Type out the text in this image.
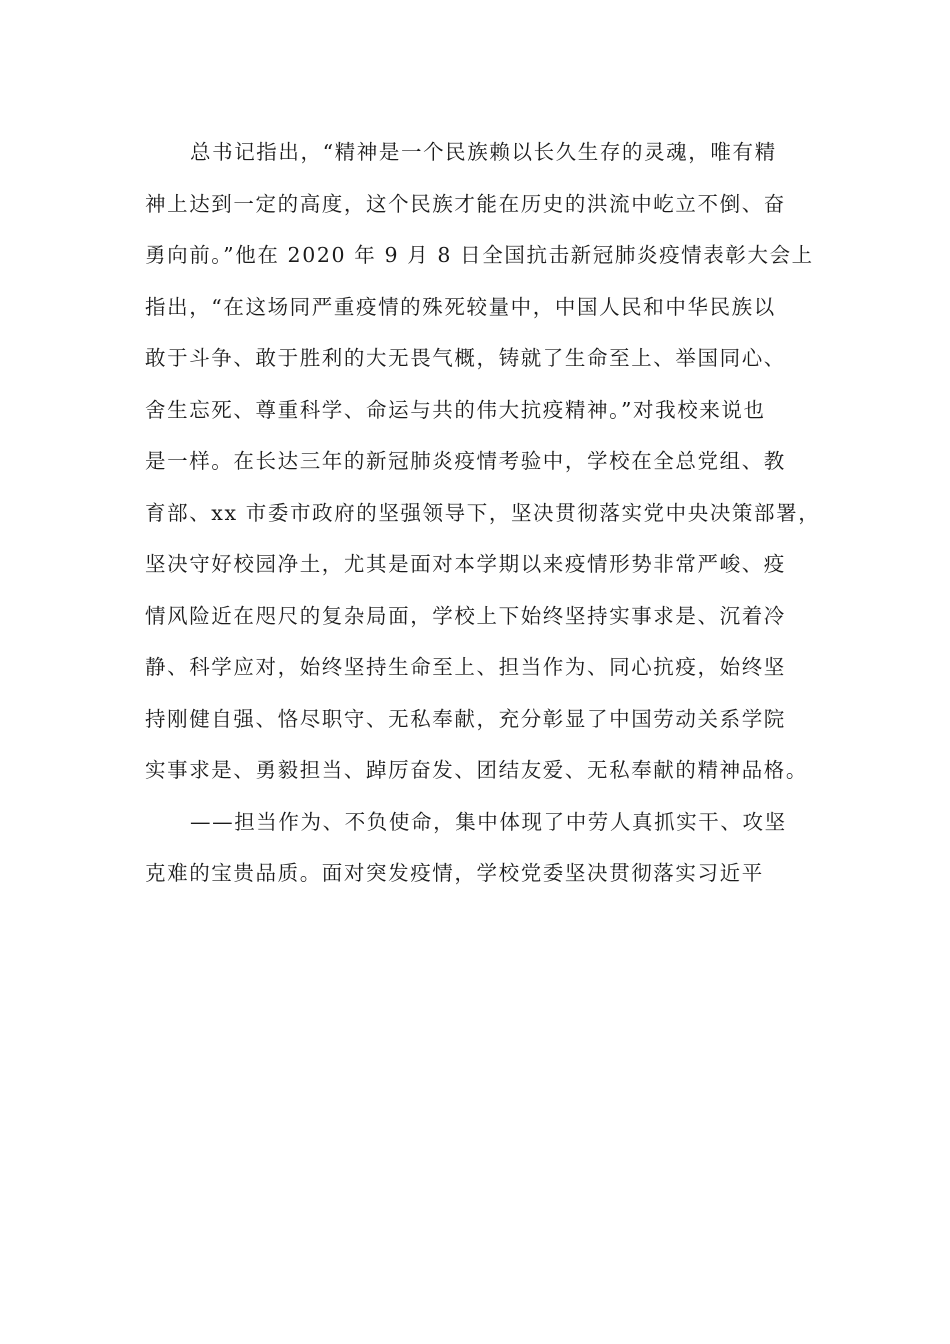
总书记指出，“精神是一个民族赖以长久生存的灵魂，唯有精
神上达到一定的高度，这个民族才能在历史的洪流中屹立不倒、奋
勇向前。”他在 2020 年 9 月 8 日全国抗击新冠肺炎疫情表彰大会上
指出，“在这场同严重疫情的殊死较量中，中国人民和中华民族以
敢于斗争、敢于胜利的大无畏气概，铸就了生命至上、举国同心、
舍生忘死、尊重科学、命运与共的伟大抗疫精神。”对我校来说也
是一样。在长达三年的新冠肺炎疫情考验中，学校在全总党组、教
育部、xx 市委市政府的坚强领导下，坚决贯彻落实党中央决策部署，
坚决守好校园净土，尤其是面对本学期以来疫情形势非常严峻、疫
情风险近在咫尺的复杂局面，学校上下始终坚持实事求是、沉着冷
静、科学应对，始终坚持生命至上、担当作为、同心抗疫，始终坚
持刚健自强、恪尽职守、无私奉献，充分彰显了中国劳动关系学院
实事求是、勇毅担当、踔厉奋发、团结友爱、无私奉献的精神品格。
——担当作为、不负使命，集中体现了中劳人真抓实干、攻坚
克难的宝贵品质。面对突发疫情，学校党委坚决贯彻落实习近平
